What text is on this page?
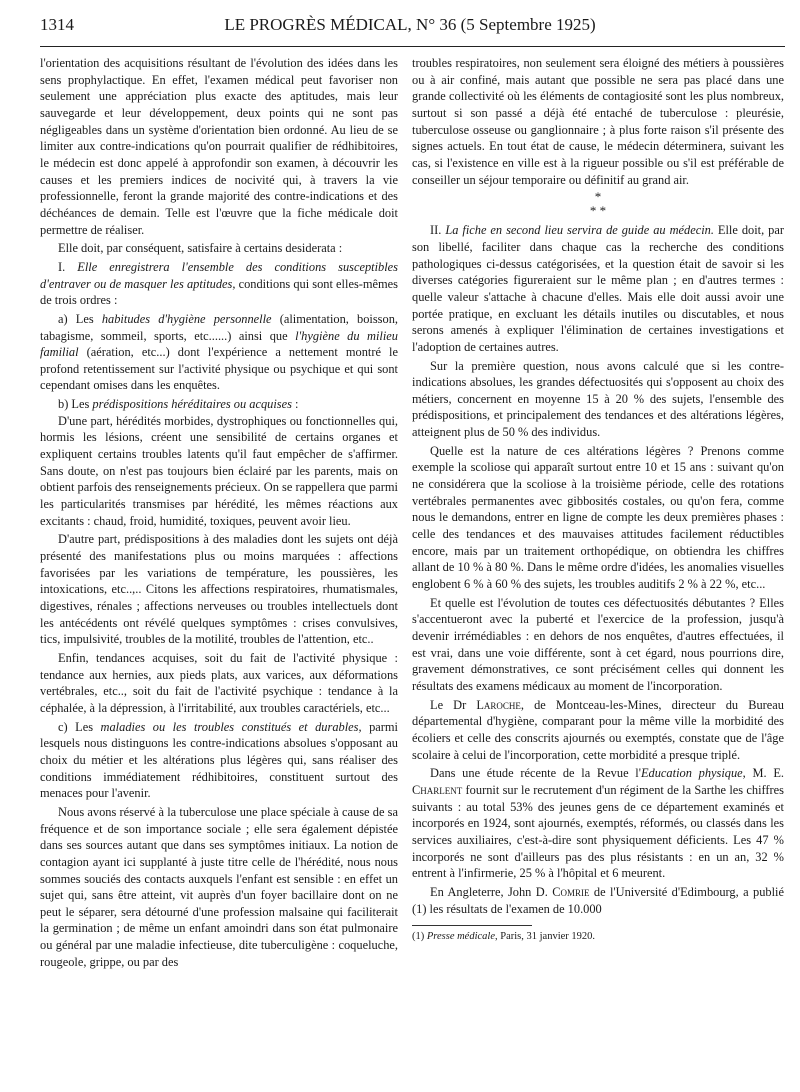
1314	LE PROGRÈS MÉDICAL, N° 36 (5 Septembre 1925)

l'orientation des acquisitions résultant de l'évolution des idées dans les sens prophylactique. En effet, l'examen médical peut favoriser non seulement une appréciation plus exacte des aptitudes, mais leur sauvegarde et leur développement, deux points qui ne sont pas négligeables dans un système d'orientation bien ordonné. Au lieu de se limiter aux contre-indications qu'on pourrait qualifier de rédhibitoires, le médecin est donc appelé à approfondir son examen, à découvrir les causes et les premiers indices de nocivité qui, à travers la vie professionnelle, feront la grande majorité des contre-indications et des déchéances de demain. Telle est l'œuvre que la fiche médicale doit permettre de réaliser.

Elle doit, par conséquent, satisfaire à certains desiderata :

I. Elle enregistrera l'ensemble des conditions susceptibles d'entraver ou de masquer les aptitudes, conditions qui sont elles-mêmes de trois ordres :

a) Les habitudes d'hygiène personnelle (alimentation, boisson, tabagisme, sommeil, sports, etc......) ainsi que l'hygiène du milieu familial (aération, etc...) dont l'expérience a nettement montré le profond retentissement sur l'activité physique ou psychique et qui sont cependant omises dans les enquêtes.

b) Les prédispositions héréditaires ou acquises :

D'une part, hérédités morbides, dystrophiques ou fonctionnelles qui, hormis les lésions, créent une sensibilité de certains organes et expliquent certains troubles latents qu'il faut empêcher de s'affirmer. Sans doute, on n'est pas toujours bien éclairé par les parents, mais on obtient parfois des renseignements précieux. On se rappellera que parmi les particularités transmises par hérédité, les mêmes réactions aux excitants : chaud, froid, humidité, toxiques, peuvent avoir lieu.

D'autre part, prédispositions à des maladies dont les sujets ont déjà présenté des manifestations plus ou moins marquées : affections favorisées par les variations de température, les poussières, les intoxications, etc..,.. Citons les affections respiratoires, rhumatismales, digestives, rénales ; affections nerveuses ou troubles intellectuels dont les antécédents ont révélé quelques symptômes : crises convulsives, tics, impulsivité, troubles de la motilité, troubles de l'attention, etc..

Enfin, tendances acquises, soit du fait de l'activité physique : tendance aux hernies, aux pieds plats, aux varices, aux déformations vertébrales, etc.., soit du fait de l'activité psychique : tendance à la céphalée, à la dépression, à l'irritabilité, aux troubles caractériels, etc...

c) Les maladies ou les troubles constitués et durables, parmi lesquels nous distinguons les contre-indications absolues s'opposant au choix du métier et les altérations plus légères qui, sans réaliser des conditions immédiatement rédhibitoires, constituent surtout des menaces pour l'avenir.

Nous avons réservé à la tuberculose une place spéciale à cause de sa fréquence et de son importance sociale ; elle sera également dépistée dans ses sources autant que dans ses symptômes initiaux. La notion de contagion ayant ici supplanté à juste titre celle de l'hérédité, nous nous sommes souciés des contacts auxquels l'enfant est sensible : en effet un sujet qui, sans être atteint, vit auprès d'un foyer bacillaire dont on ne peut le séparer, sera détourné d'une profession malsaine qui faciliterait la germination ; de même un enfant amoindri dans son état pulmonaire ou général par une maladie infectieuse, dite tuberculigène : coqueluche, rougeole, grippe, ou par des

troubles respiratoires, non seulement sera éloigné des métiers à poussières ou à air confiné, mais autant que possible ne sera pas placé dans une grande collectivité où les éléments de contagiosité sont les plus nombreux, surtout si son passé a déjà été entaché de tuberculose : pleurésie, tuberculose osseuse ou ganglionnaire ; à plus forte raison s'il présente des signes actuels. En tout état de cause, le médecin déterminera, suivant les cas, si l'existence en ville est à la rigueur possible ou s'il est préférable de conseiller un séjour temporaire ou définitif au grand air.

*
* *

II. La fiche en second lieu servira de guide au médecin. Elle doit, par son libellé, faciliter dans chaque cas la recherche des conditions pathologiques ci-dessus catégorisées, et la question était de savoir si les diverses catégories figureraient sur le même plan ; en d'autres termes : quelle valeur s'attache à chacune d'elles. Mais elle doit aussi avoir une portée pratique, en excluant les détails inutiles ou discutables, et nous serons amenés à expliquer l'élimination de certaines investigations et l'adoption de certaines autres.

Sur la première question, nous avons calculé que si les contre-indications absolues, les grandes défectuosités qui s'opposent au choix des métiers, concernent en moyenne 15 à 20 % des sujets, l'ensemble des prédispositions, et principalement des tendances et des altérations légères, atteignent plus de 50 % des individus.

Quelle est la nature de ces altérations légères ? Prenons comme exemple la scoliose qui apparaît surtout entre 10 et 15 ans : suivant qu'on ne considérera que la scoliose à la troisième période, celle des rotations vertébrales permanentes avec gibbosités costales, ou qu'on fera, comme nous le demandons, entrer en ligne de compte les deux premières phases : celle des tendances et des mauvaises attitudes facilement réductibles encore, mais par un traitement orthopédique, on obtiendra les chiffres allant de 10 % à 80 %. Dans le même ordre d'idées, les anomalies visuelles englobent 6 % à 60 % des sujets, les troubles auditifs 2 % à 22 %, etc...

Et quelle est l'évolution de toutes ces défectuosités débutantes ? Elles s'accentueront avec la puberté et l'exercice de la profession, jusqu'à devenir irrémédiables : en dehors de nos enquêtes, d'autres effectuées, il est vrai, dans une voie différente, sont à cet égard, nous pourrions dire, gravement démonstratives, ce sont précisément celles qui donnent les résultats des examens médicaux au moment de l'incorporation.

Le Dr Laroche, de Montceau-les-Mines, directeur du Bureau départemental d'hygiène, comparant pour la même ville la morbidité des écoliers et celle des conscrits ajournés ou exemptés, constate que de l'âge scolaire à celui de l'incorporation, cette morbidité a presque triplé.

Dans une étude récente de la Revue l'Education physique, M. E. Charlent fournit sur le recrutement d'un régiment de la Sarthe les chiffres suivants : au total 53% des jeunes gens de ce département examinés et incorporés en 1924, sont ajournés, exemptés, réformés, ou classés dans les services auxiliaires, c'est-à-dire sont physiquement déficients. Les 47 % incorporés ne sont d'ailleurs pas des plus résistants : en un an, 32 % entrent à l'infirmerie, 25 % à l'hôpital et 6 meurent.

En Angleterre, John D. Comrie de l'Université d'Edimbourg, a publié (1) les résultats de l'examen de 10.000

(1) Presse médicale, Paris, 31 janvier 1920.
